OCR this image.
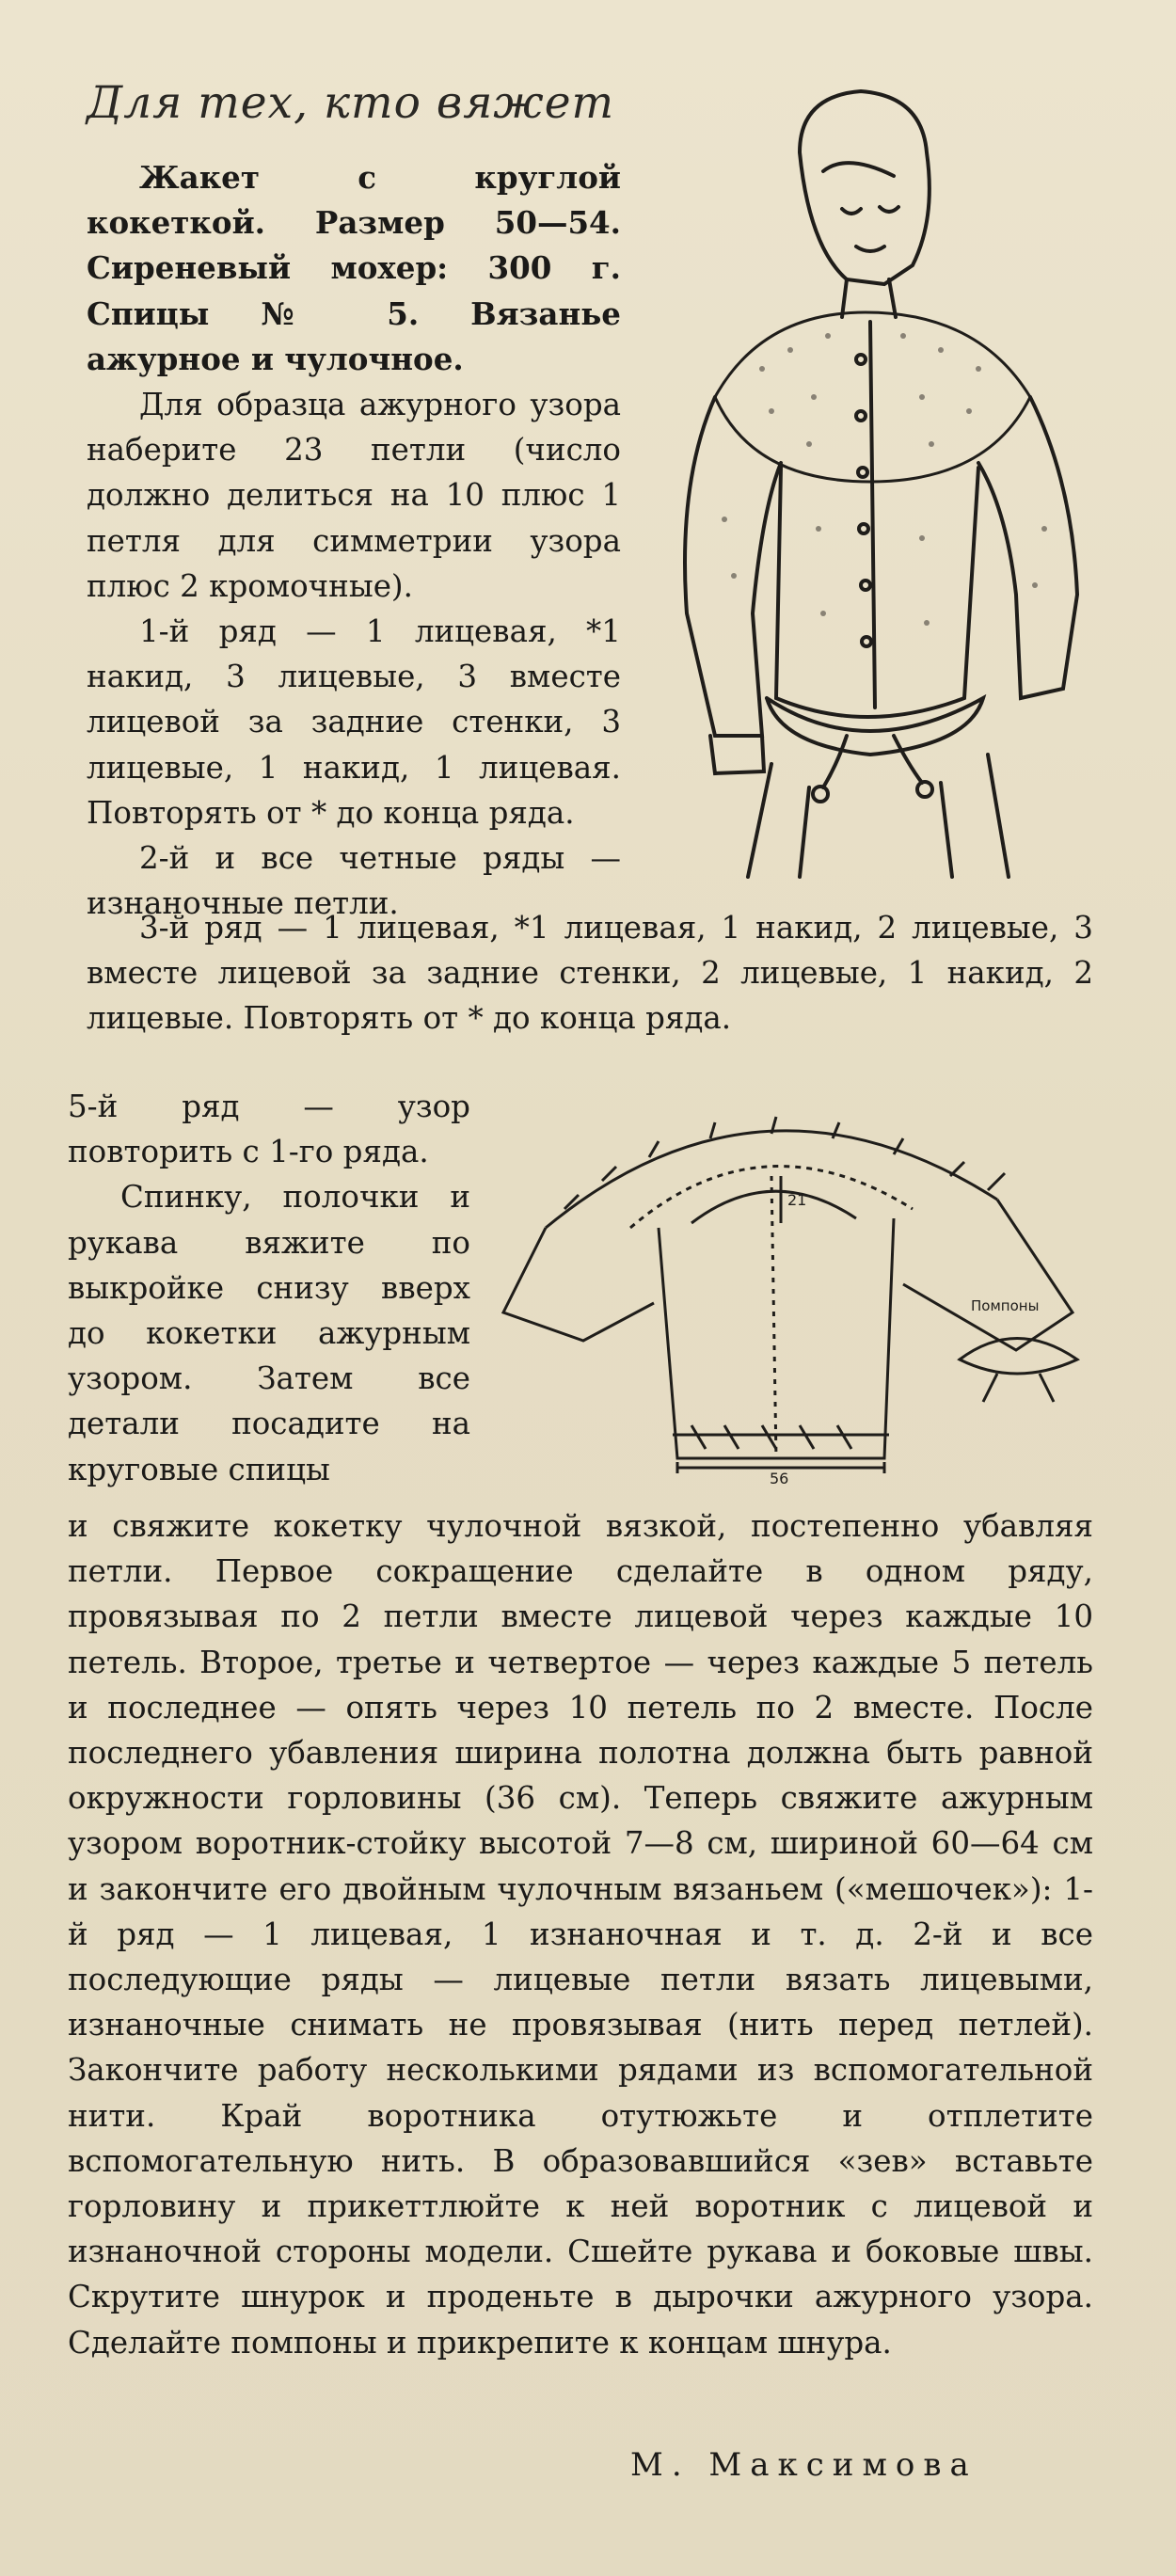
Для тех, кто вяжет

Жакет с круглой кокеткой. Размер 50—54. Сиреневый мохер: 300 г. Спицы № 5. Вязанье ажурное и чулочное.

Для образца ажурного узора наберите 23 петли (число должно делиться на 10 плюс 1 петля для симметрии узора плюс 2 кромочные).

1-й ряд — 1 лицевая, *1 накид, 3 лицевые, 3 вместе лицевой за задние стенки, 3 лицевые, 1 накид, 1 лицевая. Повторять от * до конца ряда.

2-й и все четные ряды — изнаночные петли.

3-й ряд — 1 лицевая, *1 лицевая, 1 накид, 2 лицевые, 3 вместе лицевой за задние стенки, 2 лицевые, 1 накид, 2 лицевые. Повторять от * до конца ряда.

5-й ряд — узор повторить с 1-го ряда.

Спинку, полочки и рукава вяжите по выкройке снизу вверх до кокетки ажурным узором. Затем все детали посадите на круговые спицы	56
21
Помпоны

и свяжите кокетку чулочной вязкой, постепенно убавляя петли. Первое сокращение сделайте в одном ряду, провязывая по 2 петли вместе лицевой через каждые 10 петель. Второе, третье и четвертое — через каждые 5 петель и последнее — опять через 10 петель по 2 вместе. После последнего убавления ширина полотна должна быть равной окружности горловины (36 см). Теперь свяжите ажурным узором воротник-стойку высотой 7—8 см, шириной 60—64 см и закончите его двойным чулочным вязаньем («мешочек»): 1-й ряд — 1 лицевая, 1 изнаночная и т. д. 2-й и все последующие ряды — лицевые петли вязать лицевыми, изнаночные снимать не провязывая (нить перед петлей). Закончите работу несколькими рядами из вспомогательной нити. Край воротника отутюжьте и отплетите вспомогательную нить. В образовавшийся «зев» вставьте горловину и прикеттлюйте к ней воротник с лицевой и изнаночной стороны модели. Сшейте рукава и боковые швы. Скрутите шнурок и проденьте в дырочки ажурного узора. Сделайте помпоны и прикрепите к концам шнура.

М. Максимова
